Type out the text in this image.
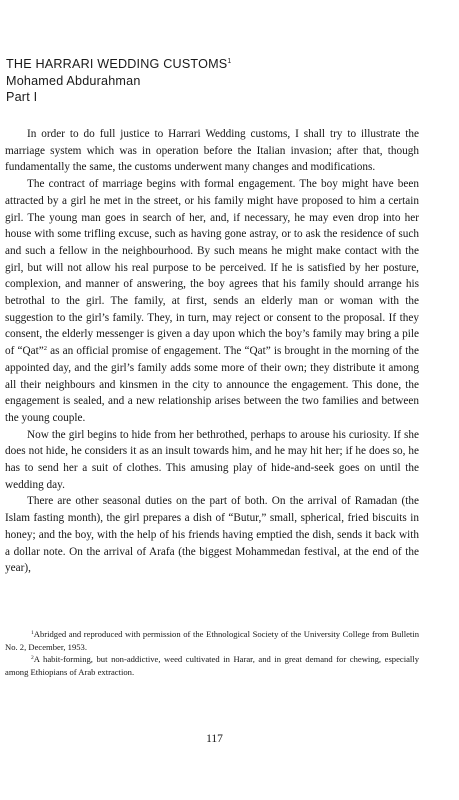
THE HARRARI WEDDING CUSTOMS$^1$
Mohamed Abdurahman
Part I

In order to do full justice to Harrari Wedding customs, I shall try to illustrate the marriage system which was in operation before the Italian invasion; after that, though fundamentally the same, the customs underwent many changes and modifications.

The contract of marriage begins with formal engagement. The boy might have been attracted by a girl he met in the street, or his family might have proposed to him a certain girl. The young man goes in search of her, and, if necessary, he may even drop into her house with some trifling excuse, such as having gone astray, or to ask the residence of such and such a fellow in the neighbourhood. By such means he might make contact with the girl, but will not allow his real purpose to be perceived. If he is satisfied by her posture, complexion, and manner of answering, the boy agrees that his family should arrange his betrothal to the girl. The family, at first, sends an elderly man or woman with the suggestion to the girl’s family. They, in turn, may reject or consent to the proposal. If they consent, the elderly messenger is given a day upon which the boy’s family may bring a pile of “Qat”$^2$ as an official promise of engagement. The “Qat” is brought in the morning of the appointed day, and the girl’s family adds some more of their own; they distribute it among all their neighbours and kinsmen in the city to announce the engagement. This done, the engagement is sealed, and a new relationship arises between the two families and between the young couple.

Now the girl begins to hide from her bethrothed, perhaps to arouse his curiosity. If she does not hide, he considers it as an insult towards him, and he may hit her; if he does so, he has to send her a suit of clothes. This amusing play of hide-and-seek goes on until the wedding day.

There are other seasonal duties on the part of both. On the arrival of Ramadan (the Islam fasting month), the girl prepares a dish of “Butur,” small, spherical, fried biscuits in honey; and the boy, with the help of his friends having emptied the dish, sends it back with a dollar note. On the arrival of Arafa (the biggest Mohammedan festival, at the end of the year),

$^1$Abridged and reproduced with permission of the Ethnological Society of the University College from Bulletin No. 2, December, 1953.

$^2$A habit-forming, but non-addictive, weed cultivated in Harar, and in great demand for chewing, especially among Ethiopians of Arab extraction.

117
